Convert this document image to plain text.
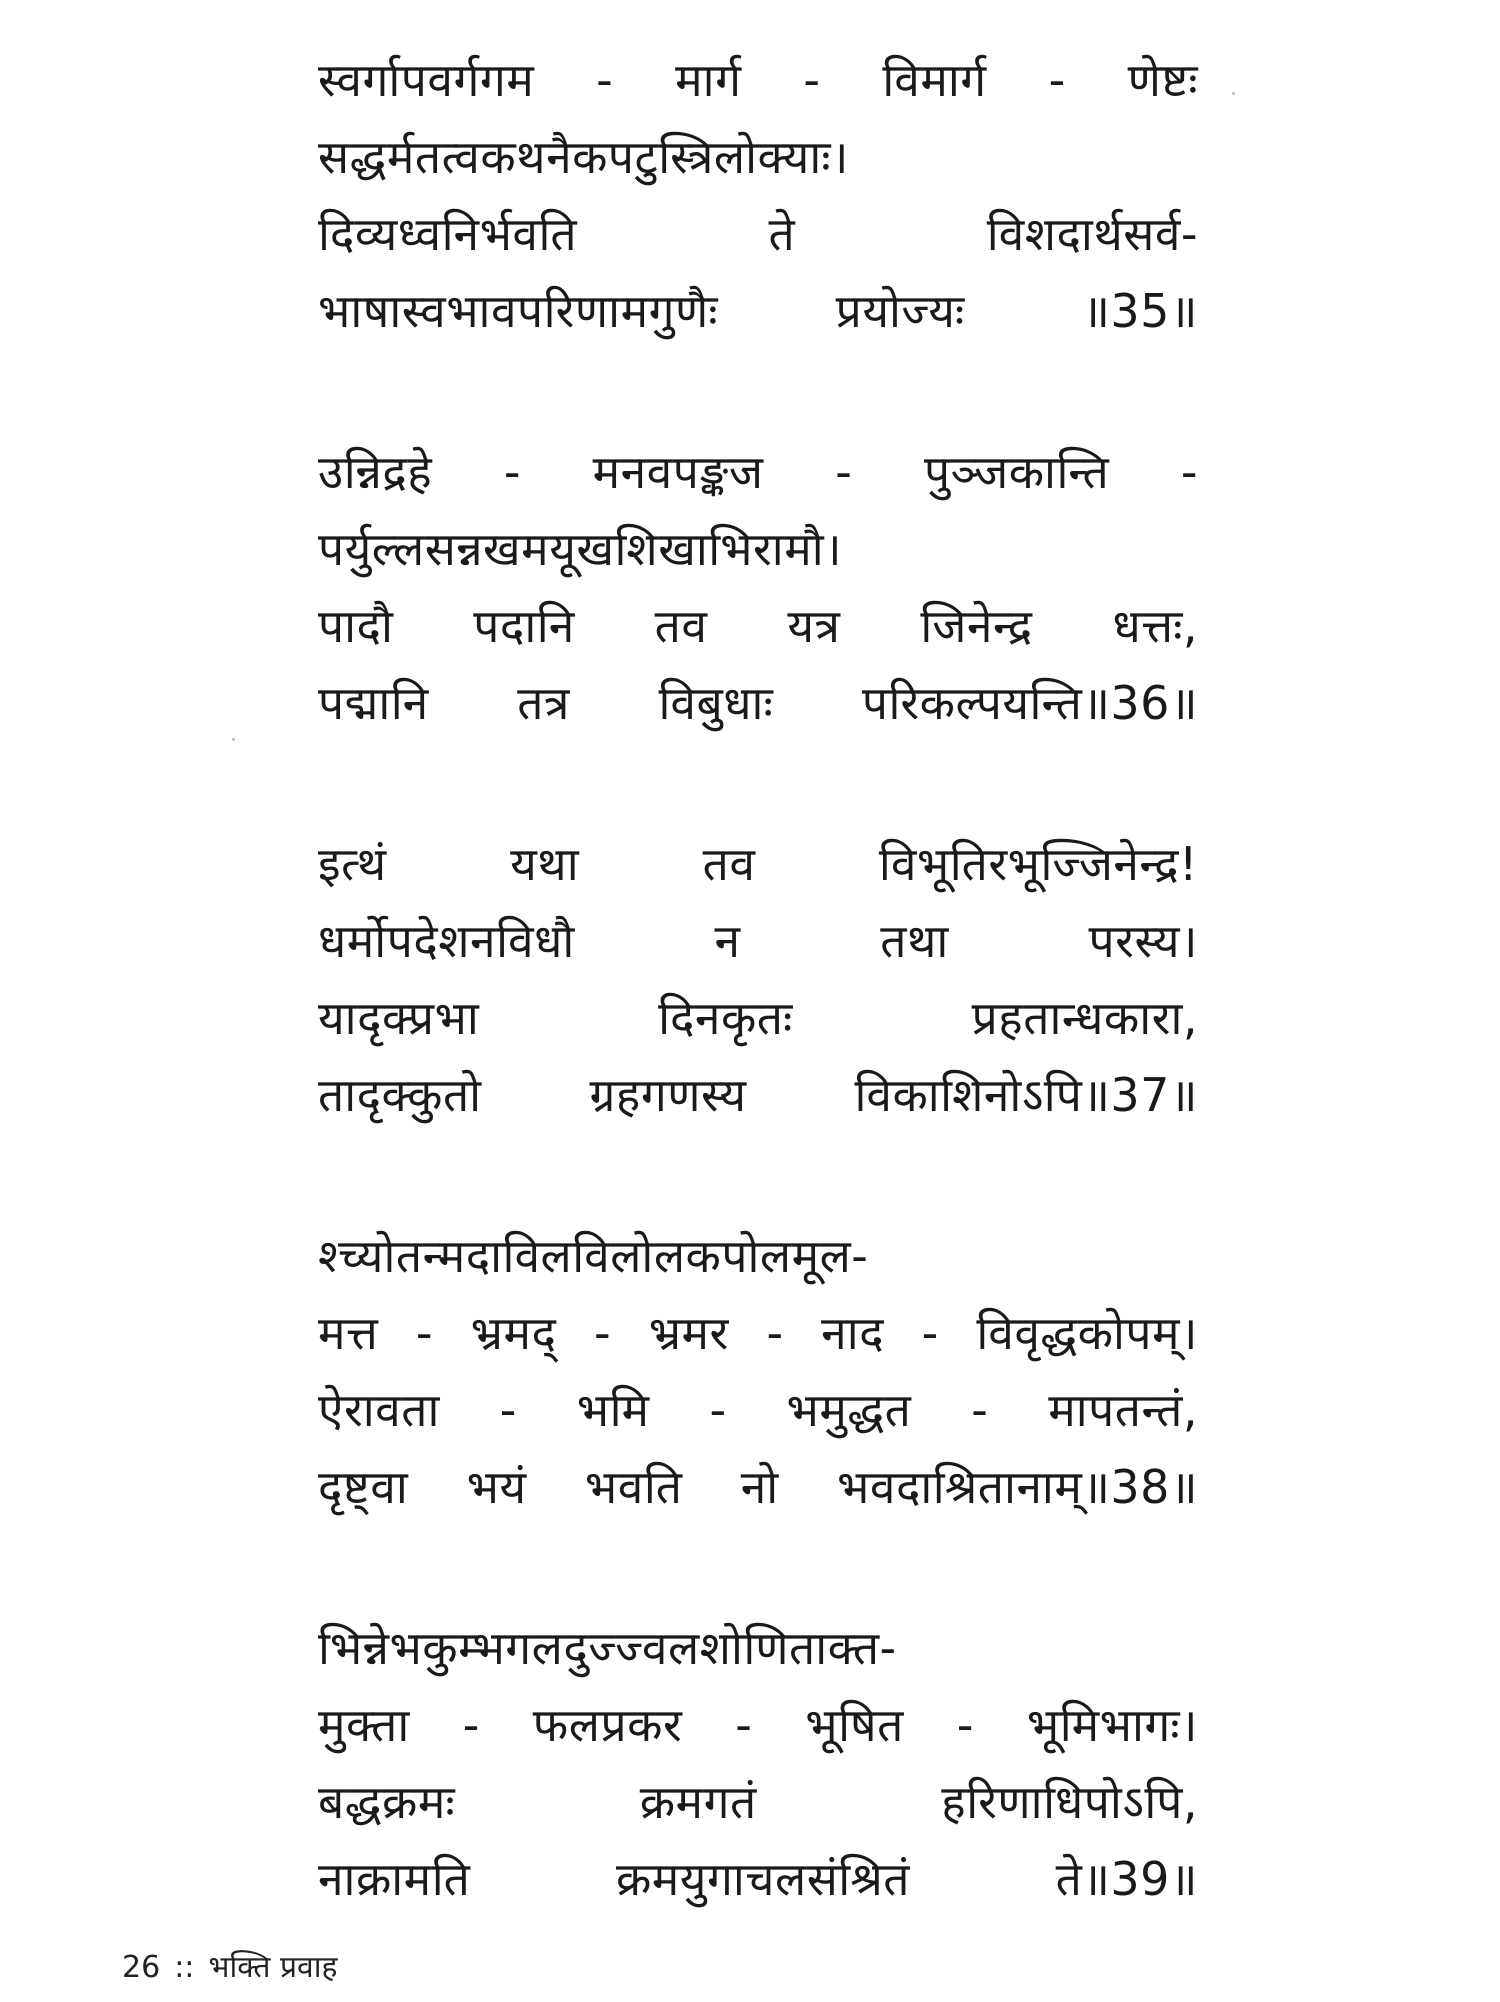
स्वर्गापवर्गगम - मार्ग - विमार्ग - णेष्टः
सद्धर्मतत्वकथनैकपटुस्त्रिलोक्याः।
दिव्यध्वनिर्भवति ते विशदार्थसर्व-
भाषास्वभावपरिणामगुणैः प्रयोज्यः ॥35॥
उन्निद्रहे - मनवपङ्कज - पुञ्जकान्ति -
पर्युल्लसन्नखमयूखशिखाभिरामौ।
पादौ पदानि तव यत्र जिनेन्द्र धत्तः,
पद्मानि तत्र विबुधाः परिकल्पयन्ति॥36॥
इत्थं यथा तव विभूतिरभूज्जिनेन्द्र!
धर्मोपदेशनविधौ न तथा परस्य।
यादृक्प्रभा दिनकृतः प्रहतान्धकारा,
तादृक्कुतो ग्रहगणस्य विकाशिनोऽपि॥37॥
श्च्योतन्मदाविलविलोलकपोलमूल-
मत्त - भ्रमद् - भ्रमर - नाद - विवृद्धकोपम्।
ऐरावता - भमि - भमुद्धत - मापतन्तं,
दृष्ट्वा भयं भवति नो भवदाश्रितानाम्॥38॥
भिन्नेभकुम्भगलदुज्ज्वलशोणिताक्त-
मुक्ता - फलप्रकर - भूषित - भूमिभागः।
बद्धक्रमः क्रमगतं हरिणाधिपोऽपि,
नाक्रामति क्रमयुगाचलसंश्रितं ते॥39॥
26 :: भक्ति प्रवाह
